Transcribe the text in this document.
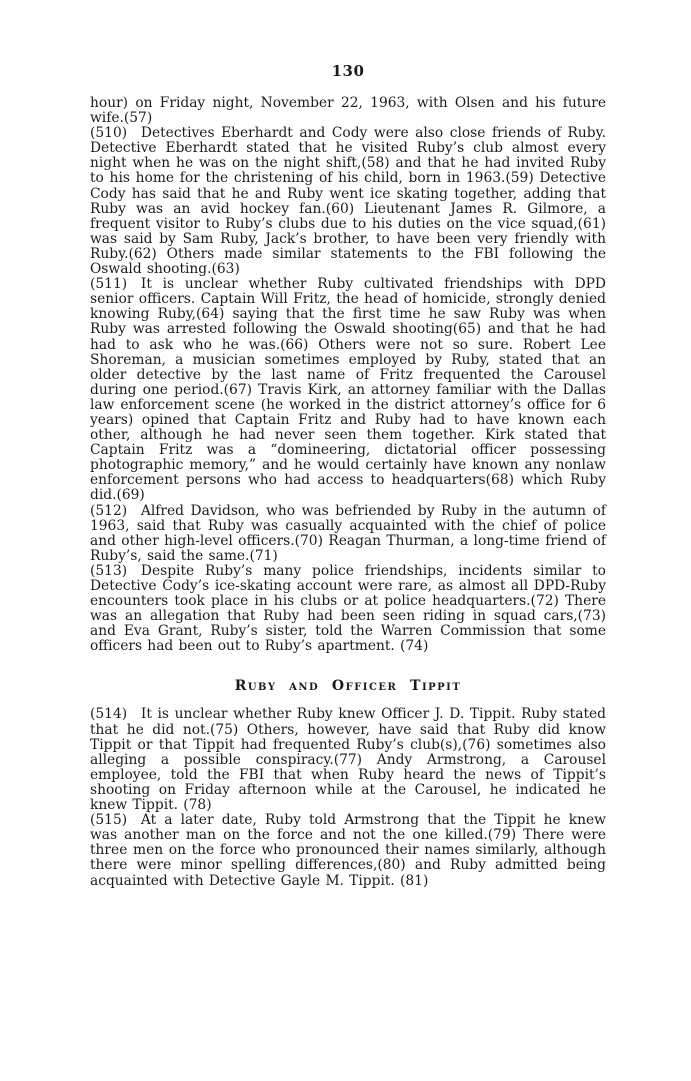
130

hour) on Friday night, November 22, 1963, with Olsen and his future wife.(57)

(510) Detectives Eberhardt and Cody were also close friends of Ruby. Detective Eberhardt stated that he visited Ruby’s club almost every night when he was on the night shift,(58) and that he had invited Ruby to his home for the christening of his child, born in 1963.(59) Detective Cody has said that he and Ruby went ice skating together, adding that Ruby was an avid hockey fan.(60) Lieutenant James R. Gilmore, a frequent visitor to Ruby’s clubs due to his duties on the vice squad,(61) was said by Sam Ruby, Jack’s brother, to have been very friendly with Ruby.(62) Others made similar statements to the FBI following the Oswald shooting.(63)

(511) It is unclear whether Ruby cultivated friendships with DPD senior officers. Captain Will Fritz, the head of homicide, strongly denied knowing Ruby,(64) saying that the first time he saw Ruby was when Ruby was arrested following the Oswald shooting(65) and that he had had to ask who he was.(66) Others were not so sure. Robert Lee Shoreman, a musician sometimes employed by Ruby, stated that an older detective by the last name of Fritz frequented the Carousel during one period.(67) Travis Kirk, an attorney familiar with the Dallas law enforcement scene (he worked in the district attorney’s office for 6 years) opined that Captain Fritz and Ruby had to have known each other, although he had never seen them together. Kirk stated that Captain Fritz was a “domineering, dictatorial officer possessing photographic memory,” and he would certainly have known any nonlaw enforcement persons who had access to headquarters(68) which Ruby did.(69)

(512) Alfred Davidson, who was befriended by Ruby in the autumn of 1963, said that Ruby was casually acquainted with the chief of police and other high-level officers.(70) Reagan Thurman, a long-time friend of Ruby’s, said the same.(71)

(513) Despite Ruby’s many police friendships, incidents similar to Detective Cody’s ice-skating account were rare, as almost all DPD-Ruby encounters took place in his clubs or at police headquarters.(72) There was an allegation that Ruby had been seen riding in squad cars,(73) and Eva Grant, Ruby’s sister, told the Warren Commission that some officers had been out to Ruby’s apartment. (74)

Ruby and Officer Tippit

(514) It is unclear whether Ruby knew Officer J. D. Tippit. Ruby stated that he did not.(75) Others, however, have said that Ruby did know Tippit or that Tippit had frequented Ruby’s club(s),(76) sometimes also alleging a possible conspiracy.(77) Andy Armstrong, a Carousel employee, told the FBI that when Ruby heard the news of Tippit’s shooting on Friday afternoon while at the Carousel, he indicated he knew Tippit. (78)

(515) At a later date, Ruby told Armstrong that the Tippit he knew was another man on the force and not the one killed.(79) There were three men on the force who pronounced their names similarly, although there were minor spelling differences,(80) and Ruby admitted being acquainted with Detective Gayle M. Tippit. (81)
